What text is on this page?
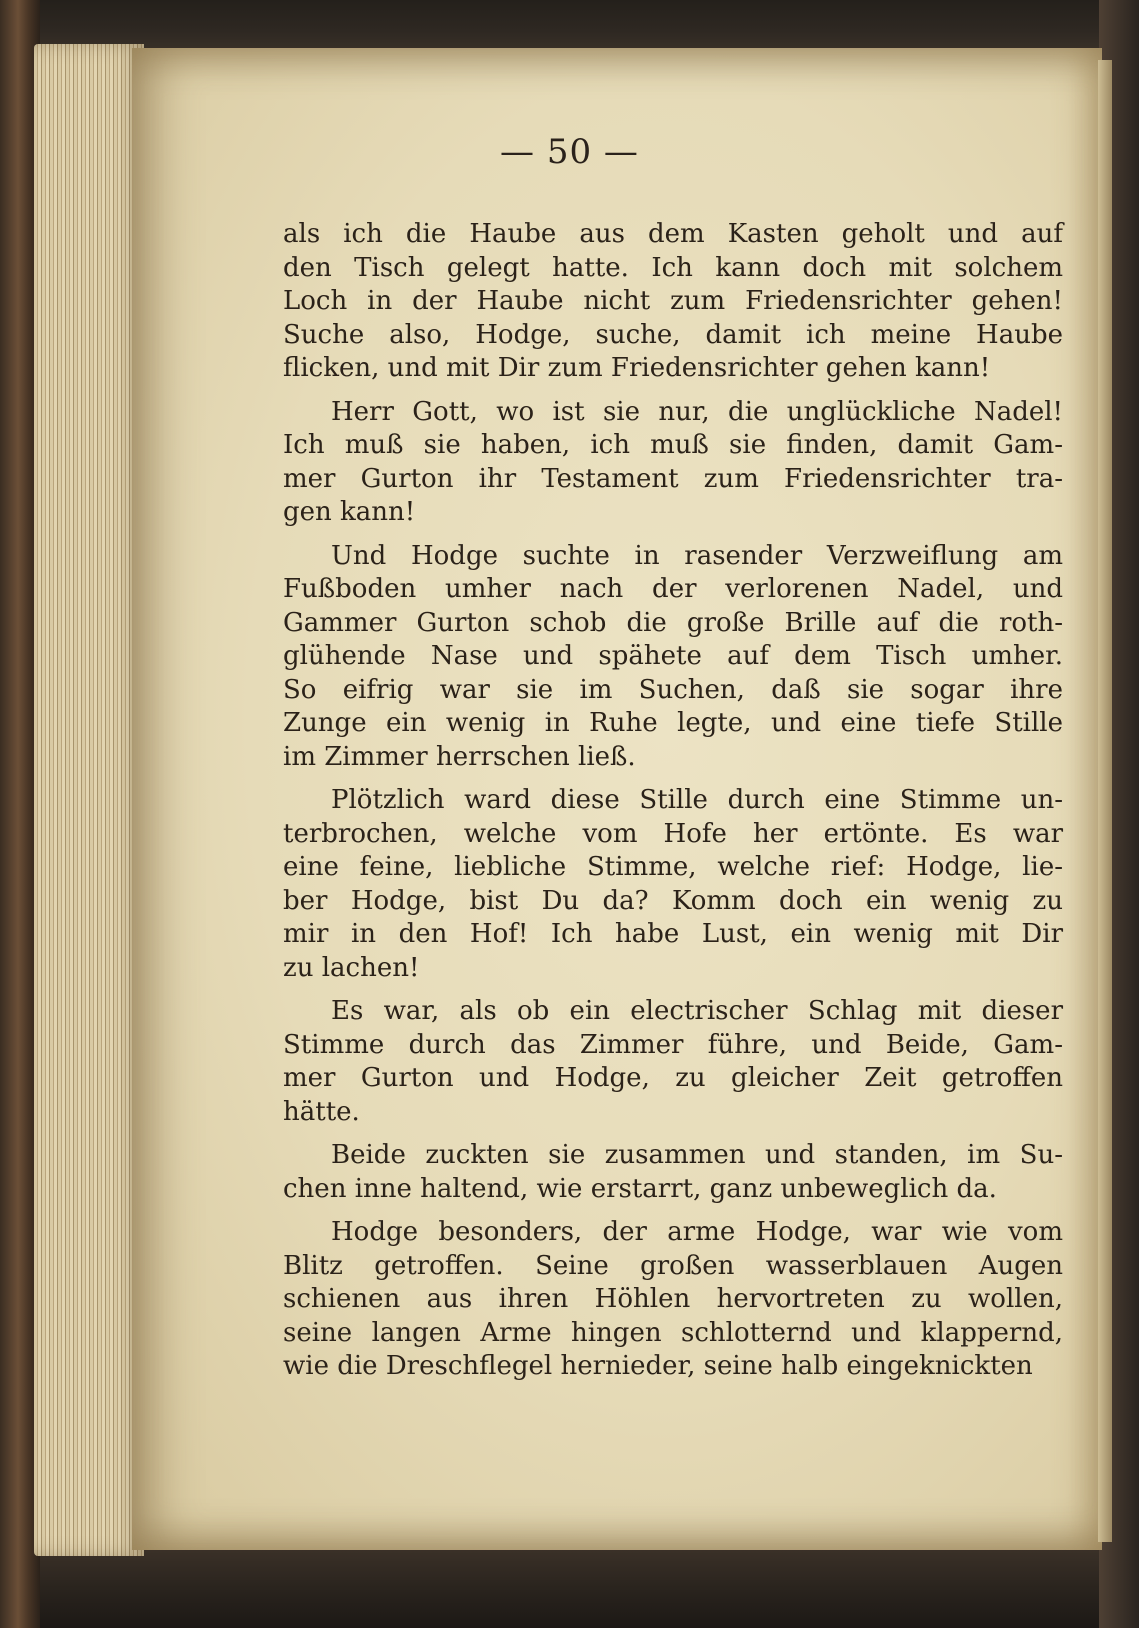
— 50 —
als ich die Haube aus dem Kasten geholt und auf
den Tisch gelegt hatte. Ich kann doch mit solchem
Loch in der Haube nicht zum Friedensrichter gehen!
Suche also, Hodge, suche, damit ich meine Haube
flicken, und mit Dir zum Friedensrichter gehen kann!
Herr Gott, wo ist sie nur, die unglückliche Nadel!
Ich muß sie haben, ich muß sie finden, damit Gam-
mer Gurton ihr Testament zum Friedensrichter tra-
gen kann!
Und Hodge suchte in rasender Verzweiflung am
Fußboden umher nach der verlorenen Nadel, und
Gammer Gurton schob die große Brille auf die roth-
glühende Nase und spähete auf dem Tisch umher.
So eifrig war sie im Suchen, daß sie sogar ihre
Zunge ein wenig in Ruhe legte, und eine tiefe Stille
im Zimmer herrschen ließ.
Plötzlich ward diese Stille durch eine Stimme un-
terbrochen, welche vom Hofe her ertönte. Es war
eine feine, liebliche Stimme, welche rief: Hodge, lie-
ber Hodge, bist Du da? Komm doch ein wenig zu
mir in den Hof! Ich habe Lust, ein wenig mit Dir
zu lachen!
Es war, als ob ein electrischer Schlag mit dieser
Stimme durch das Zimmer führe, und Beide, Gam-
mer Gurton und Hodge, zu gleicher Zeit getroffen
hätte.
Beide zuckten sie zusammen und standen, im Su-
chen inne haltend, wie erstarrt, ganz unbeweglich da.
Hodge besonders, der arme Hodge, war wie vom
Blitz getroffen. Seine großen wasserblauen Augen
schienen aus ihren Höhlen hervortreten zu wollen,
seine langen Arme hingen schlotternd und klappernd,
wie die Dreschflegel hernieder, seine halb eingeknickten
